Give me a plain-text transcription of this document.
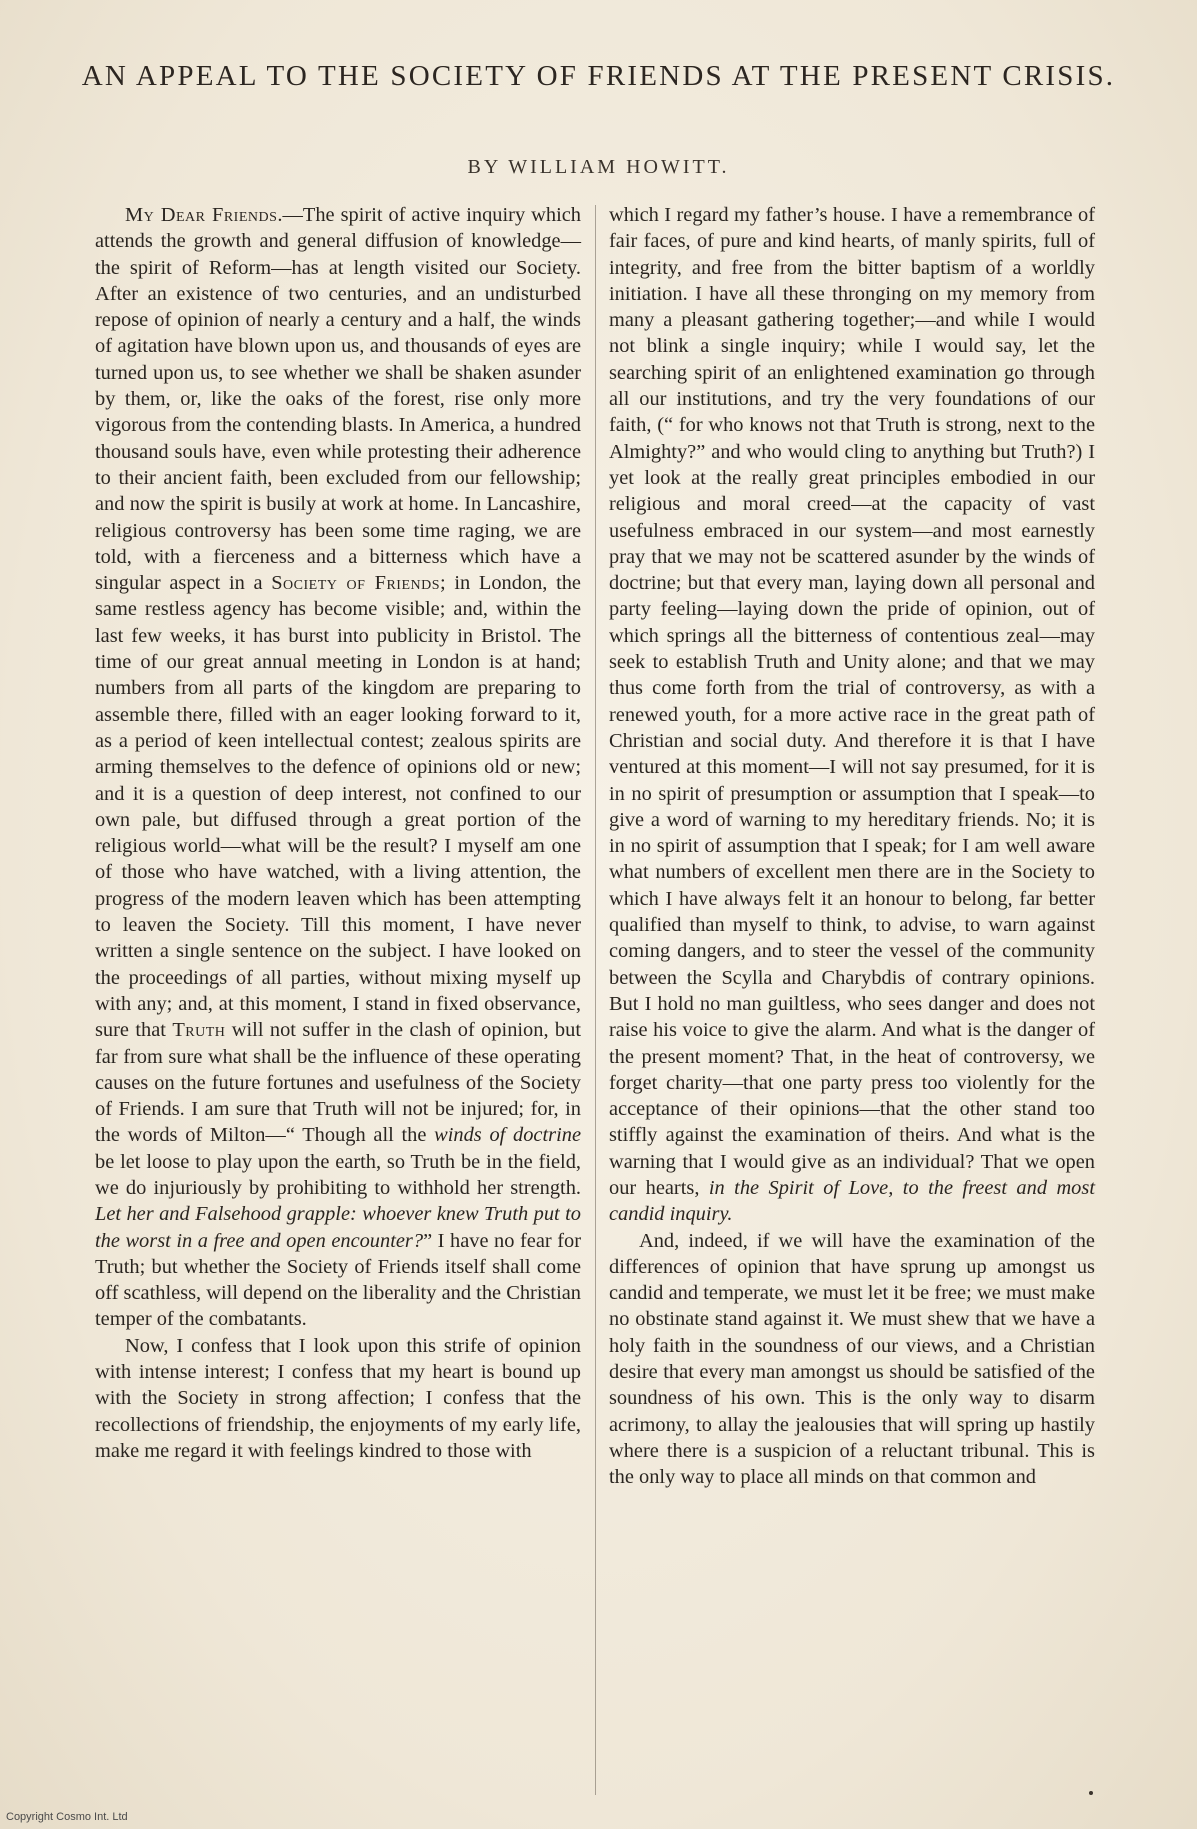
AN APPEAL TO THE SOCIETY OF FRIENDS AT THE PRESENT CRISIS.
BY WILLIAM HOWITT.

My Dear Friends.—The spirit of active inquiry which attends the growth and general diffusion of knowledge—the spirit of Reform—has at length visited our Society. After an existence of two centuries, and an undisturbed repose of opinion of nearly a century and a half, the winds of agitation have blown upon us, and thousands of eyes are turned upon us, to see whether we shall be shaken asunder by them, or, like the oaks of the forest, rise only more vigorous from the contending blasts. In America, a hundred thousand souls have, even while protesting their adherence to their ancient faith, been excluded from our fellowship; and now the spirit is busily at work at home. In Lancashire, religious controversy has been some time raging, we are told, with a fierceness and a bitterness which have a singular aspect in a Society of Friends; in London, the same restless agency has become visible; and, within the last few weeks, it has burst into publicity in Bristol. The time of our great annual meeting in London is at hand; numbers from all parts of the kingdom are preparing to assemble there, filled with an eager looking forward to it, as a period of keen intellectual contest; zealous spirits are arming themselves to the defence of opinions old or new; and it is a question of deep interest, not confined to our own pale, but diffused through a great portion of the religious world—what will be the result? I myself am one of those who have watched, with a living attention, the progress of the modern leaven which has been attempting to leaven the Society. Till this moment, I have never written a single sentence on the subject. I have looked on the proceedings of all parties, without mixing myself up with any; and, at this moment, I stand in fixed observance, sure that Truth will not suffer in the clash of opinion, but far from sure what shall be the influence of these operating causes on the future fortunes and usefulness of the Society of Friends. I am sure that Truth will not be injured; for, in the words of Milton—“ Though all the winds of doctrine be let loose to play upon the earth, so Truth be in the field, we do injuriously by prohibiting to withhold her strength. Let her and Falsehood grapple: whoever knew Truth put to the worst in a free and open encounter?” I have no fear for Truth; but whether the Society of Friends itself shall come off scathless, will depend on the liberality and the Christian temper of the combatants.

Now, I confess that I look upon this strife of opinion with intense interest; I confess that my heart is bound up with the Society in strong affection; I confess that the recollections of friendship, the enjoyments of my early life, make me regard it with feelings kindred to those with

which I regard my father’s house. I have a remembrance of fair faces, of pure and kind hearts, of manly spirits, full of integrity, and free from the bitter baptism of a worldly initiation. I have all these thronging on my memory from many a pleasant gathering together;—and while I would not blink a single inquiry; while I would say, let the searching spirit of an enlightened examination go through all our institutions, and try the very foundations of our faith, (“ for who knows not that Truth is strong, next to the Almighty?” and who would cling to anything but Truth?) I yet look at the really great principles embodied in our religious and moral creed—at the capacity of vast usefulness embraced in our system—and most earnestly pray that we may not be scattered asunder by the winds of doctrine; but that every man, laying down all personal and party feeling—laying down the pride of opinion, out of which springs all the bitterness of contentious zeal—may seek to establish Truth and Unity alone; and that we may thus come forth from the trial of controversy, as with a renewed youth, for a more active race in the great path of Christian and social duty. And therefore it is that I have ventured at this moment—I will not say presumed, for it is in no spirit of presumption or assumption that I speak—to give a word of warning to my hereditary friends. No; it is in no spirit of assumption that I speak; for I am well aware what numbers of excellent men there are in the Society to which I have always felt it an honour to belong, far better qualified than myself to think, to advise, to warn against coming dangers, and to steer the vessel of the community between the Scylla and Charybdis of contrary opinions. But I hold no man guiltless, who sees danger and does not raise his voice to give the alarm. And what is the danger of the present moment? That, in the heat of controversy, we forget charity—that one party press too violently for the acceptance of their opinions—that the other stand too stiffly against the examination of theirs. And what is the warning that I would give as an individual? That we open our hearts, in the Spirit of Love, to the freest and most candid inquiry.

And, indeed, if we will have the examination of the differences of opinion that have sprung up amongst us candid and temperate, we must let it be free; we must make no obstinate stand against it. We must shew that we have a holy faith in the soundness of our views, and a Christian desire that every man amongst us should be satisfied of the soundness of his own. This is the only way to disarm acrimony, to allay the jealousies that will spring up hastily where there is a suspicion of a reluctant tribunal. This is the only way to place all minds on that common and

Copyright Cosmo Int. Ltd
